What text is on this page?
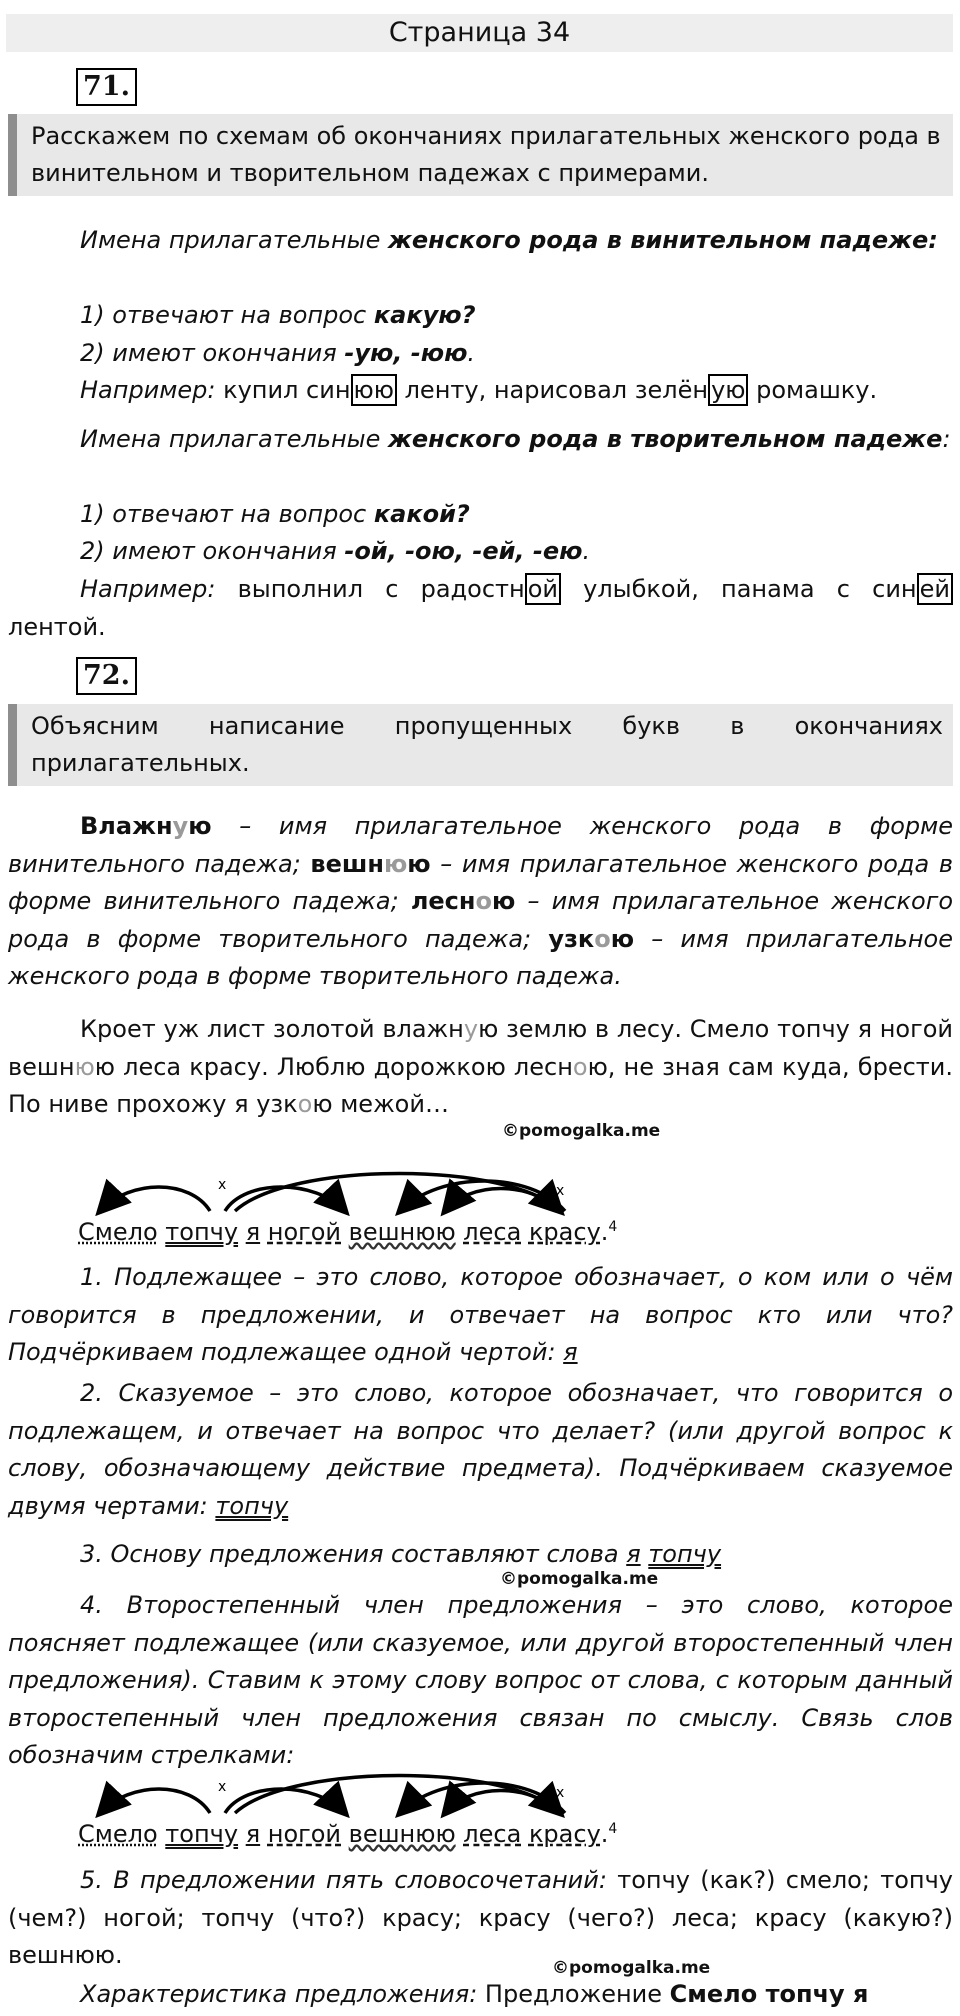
Страница 34
71.
Расскажем по схемам об окончаниях прилагательных женского рода в винительном и творительном падежах с примерами.

Имена прилагательные женского рода в винительном падеже:

1) отвечают на вопрос какую?
2) имеют окончания -ую, -юю.
Например: купил син юю ленту, нарисовал зелён ую ромашку.

Имена прилагательные женского рода в творительном падеже:

1) отвечают на вопрос какой?
2) имеют окончания -ой, -ою, -ей, -ею.

Например: выполнил с радостн ой улыбкой, панама с син ей лентой.

72.
Объясним написание пропущенных букв в окончаниях прилагательных.

Влажную – имя прилагательное женского рода в форме винительного падежа; вешнюю – имя прилагательное женского рода в форме винительного падежа; лесною – имя прилагательное женского рода в форме творительного падежа; узкою – имя прилагательное женского рода в форме творительного падежа.

Кроет уж лист золотой влажную землю в лесу. Смело топчу я ногой вешнюю леса красу. Люблю дорожкою лесною, не зная сам куда, брести. По ниве прохожу я узкою межой…

©pomogalka.me
x	x
Смело топчу я ногой вешнюю леса красу.$^4$

1. Подлежащее – это слово, которое обозначает, о ком или о чём говорится в предложении, и отвечает на вопрос кто или что? Подчёркиваем подлежащее одной чертой: я

2. Сказуемое – это слово, которое обозначает, что говорится о подлежащем, и отвечает на вопрос что делает? (или другой вопрос к слову, обозначающему действие предмета). Подчёркиваем сказуемое двумя чертами: топчу

3. Основу предложения составляют слова я топчу

©pomogalka.me

4. Второстепенный член предложения – это слово, которое поясняет подлежащее (или сказуемое, или другой второстепенный член предложения). Ставим к этому слову вопрос от слова, с которым данный второстепенный член предложения связан по смыслу. Связь слов обозначим стрелками:

x	x
Смело топчу я ногой вешнюю леса красу.$^4$

5. В предложении пять словосочетаний: топчу (как?) смело; топчу (чем?) ногой; топчу (что?) красу; красу (чего?) леса; красу (какую?) вешнюю.	©pomogalka.me

Характеристика предложения: Предложение Смело топчу я
